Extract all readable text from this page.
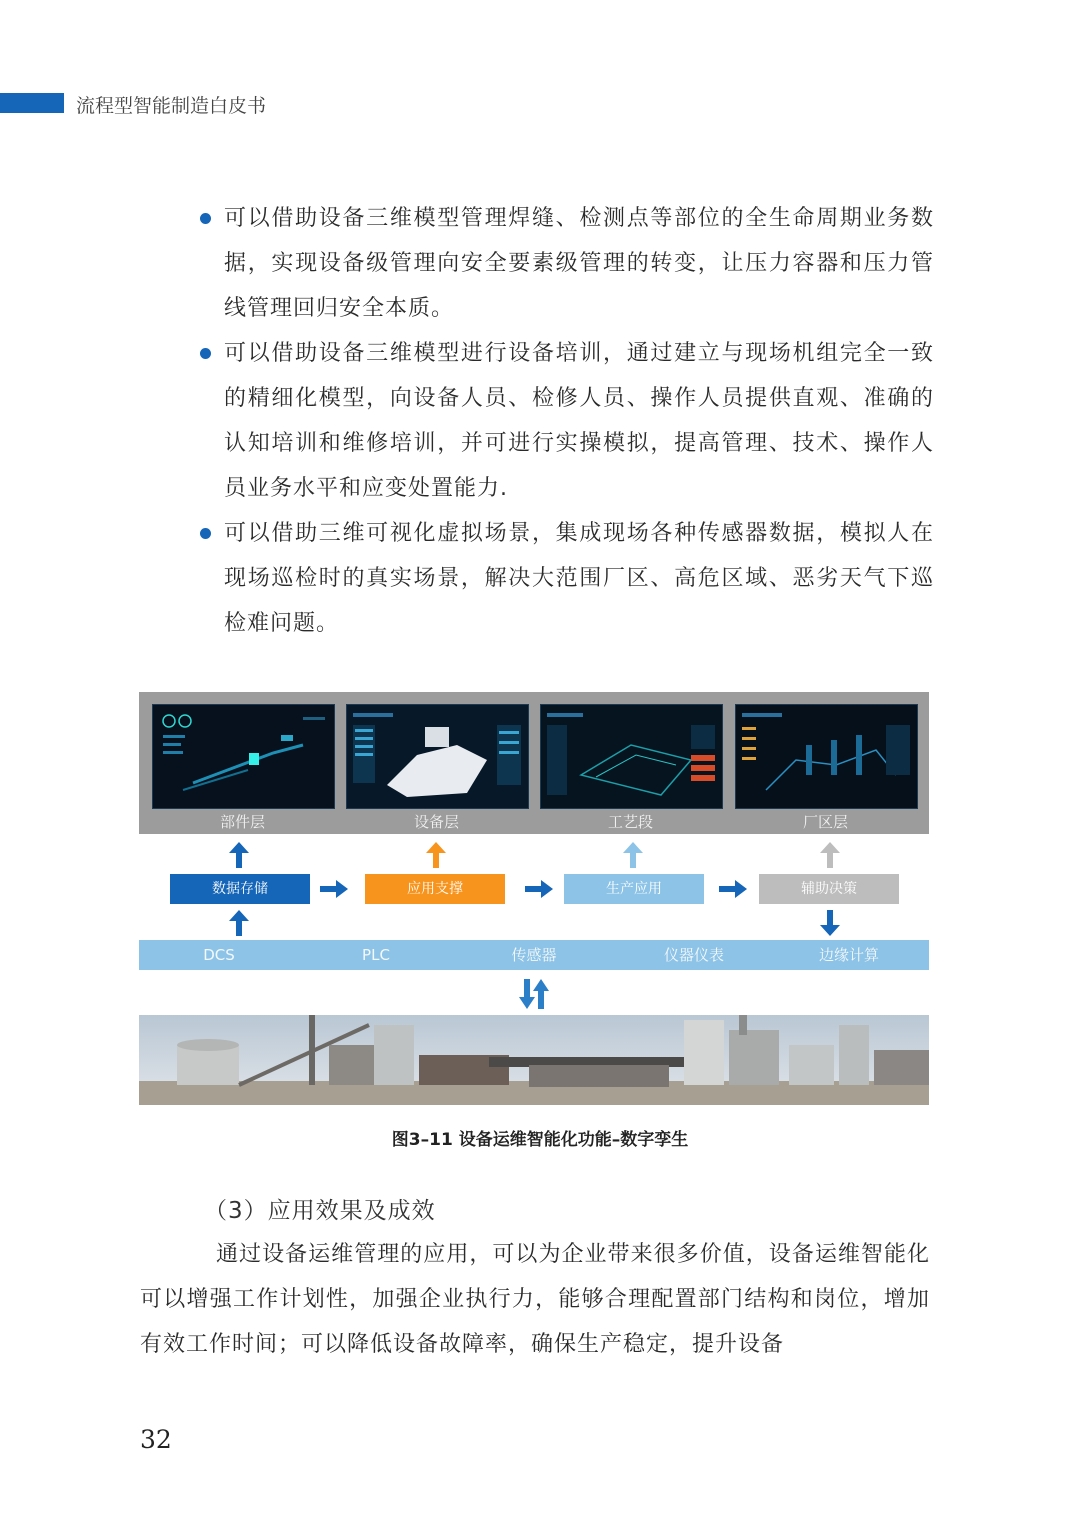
流程型智能制造白皮书
可以借助设备三维模型管理焊缝、检测点等部位的全生命周期业务数据，实现设备级管理向安全要素级管理的转变，让压力容器和压力管线管理回归安全本质。
可以借助设备三维模型进行设备培训，通过建立与现场机组完全一致的精细化模型，向设备人员、检修人员、操作人员提供直观、准确的认知培训和维修培训，并可进行实操模拟，提高管理、技术、操作人员业务水平和应变处置能力.
可以借助三维可视化虚拟场景，集成现场各种传感器数据，模拟人在现场巡检时的真实场景，解决大范围厂区、高危区域、恶劣天气下巡检难问题。
部件层	设备层	工艺段	厂区层
数据存储	应用支撑	生产应用	辅助决策
DCS	PLC	传感器	仪器仪表	边缘计算
图3–11 设备运维智能化功能–数字孪生
（3）应用效果及成效
通过设备运维管理的应用，可以为企业带来很多价值，设备运维智能化可以增强工作计划性，加强企业执行力，能够合理配置部门结构和岗位，增加有效工作时间；可以降低设备故障率，确保生产稳定，提升设备
32
